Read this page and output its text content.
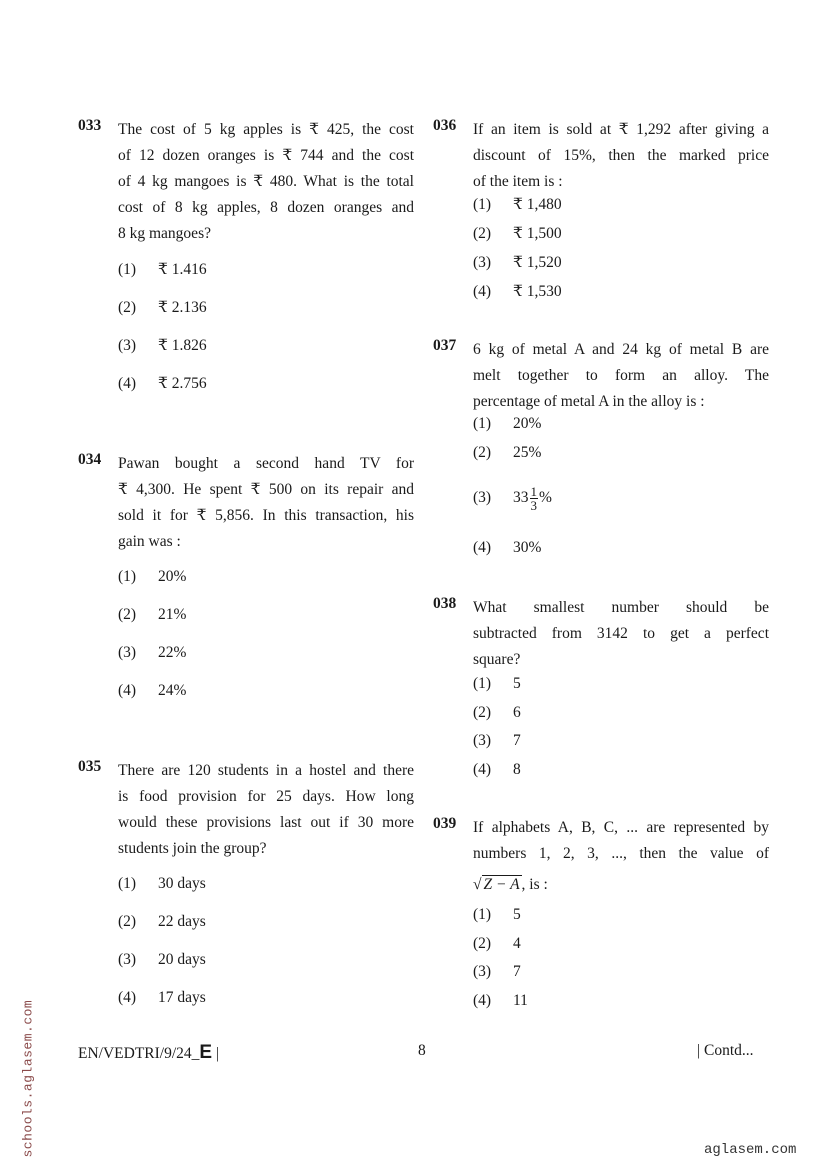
033 The cost of 5 kg apples is ₹ 425, the cost
of 12 dozen oranges is ₹ 744 and the cost
of 4 kg mangoes is ₹ 480. What is the total
cost of 8 kg apples, 8 dozen oranges and
8 kg mangoes?
(1) ₹ 1.416
(2) ₹ 2.136
(3) ₹ 1.826
(4) ₹ 2.756
034 Pawan bought a second hand TV for
₹ 4,300. He spent ₹ 500 on its repair and
sold it for ₹ 5,856. In this transaction, his
gain was :
(1) 20%
(2) 21%
(3) 22%
(4) 24%
035 There are 120 students in a hostel and there
is food provision for 25 days. How long
would these provisions last out if 30 more
students join the group?
(1) 30 days
(2) 22 days
(3) 20 days
(4) 17 days
036 If an item is sold at ₹ 1,292 after giving a
discount of 15%, then the marked price
of the item is :
(1) ₹ 1,480
(2) ₹ 1,500
(3) ₹ 1,520
(4) ₹ 1,530
037 6 kg of metal A and 24 kg of metal B are
melt together to form an alloy. The
percentage of metal A in the alloy is :
(1) 20%
(2) 25%
(3) $33 \frac{1}{3}$ %
(4) 30%
038 What smallest number should be
subtracted from 3142 to get a perfect
square?
(1) 5
(2) 6
(3) 7
(4) 8
039 If alphabets A, B, C, ... are represented by
numbers 1, 2, 3, ..., then the value of
√ Z − A , is :
(1) 5
(2) 4
(3) 7
(4) 11
EN/VEDTRI/9/24_E |	8	| Contd...
schools.aglasem.com	aglasem.com
